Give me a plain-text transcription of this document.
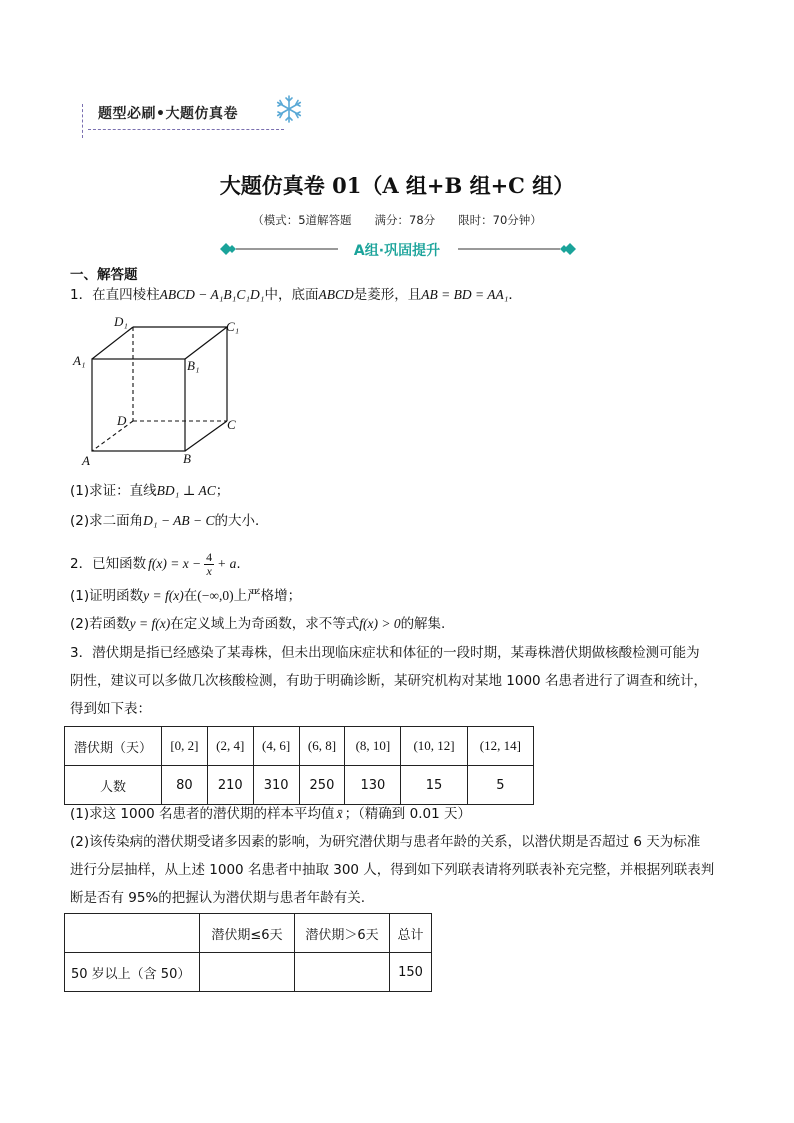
题型必刷•大题仿真卷
大题仿真卷 01（A 组+B 组+C 组）
（模式：5道解答题　　满分：78分　　限时：70分钟）
A组·巩固提升
一、解答题
1．在直四棱柱ABCD − A₁B₁C₁D₁中，底面ABCD是菱形，且AB = BD = AA₁．
D₁	C₁
A₁	B₁
D	C
A	B
(1)求证：直线BD₁ ⊥ AC；
(2)求二面角D₁ − AB − C的大小．
2．已知函数 $f(x) = x - \frac{4}{x} + a$ .
(1)证明函数y = f(x)在(−∞,0)上严格增；
(2)若函数y = f(x)在定义域上为奇函数，求不等式f(x) > 0的解集.
3．潜伏期是指已经感染了某毒株，但未出现临床症状和体征的一段时期，某毒株潜伏期做核酸检测可能为
阴性，建议可以多做几次核酸检测，有助于明确诊断，某研究机构对某地 1000 名患者进行了调查和统计，
得到如下表：
潜伏期（天）	[0, 2]	(2, 4]	(4, 6]	(6, 8]	(8, 10]	(10, 12]	(12, 14]
人数	80	210	310	250	130	15	5
(1)求这 1000 名患者的潜伏期的样本平均值 x̄ ；（精确到 0.01 天）
(2)该传染病的潜伏期受诸多因素的影响，为研究潜伏期与患者年龄的关系，以潜伏期是否超过 6 天为标准
进行分层抽样，从上述 1000 名患者中抽取 300 人，得到如下列联表请将列联表补充完整，并根据列联表判
断是否有 95%的把握认为潜伏期与患者年龄有关.
	潜伏期≤6天	潜伏期＞6天	总计
50 岁以上（含 50）			150
